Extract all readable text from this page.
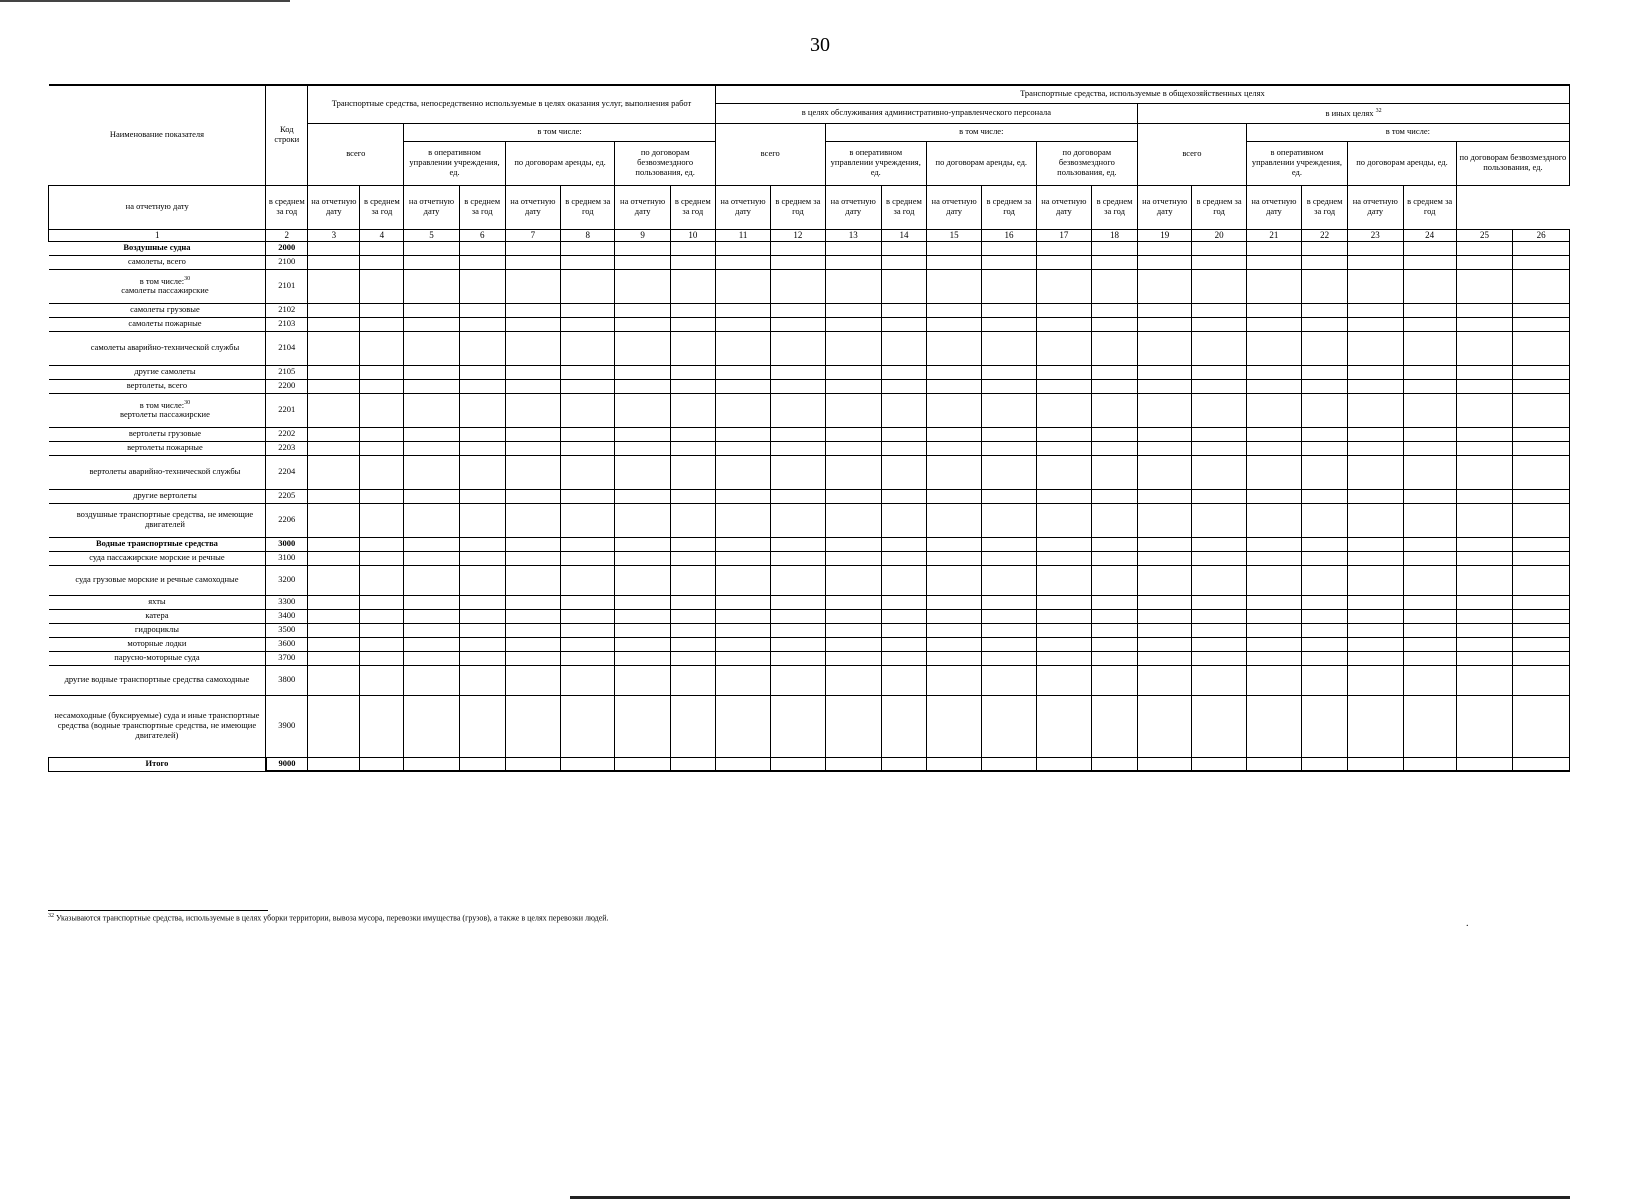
30
Наименование показателя	Код строки	Транспортные средства, непосредственно используемые в целях оказания услуг, выполнения работ								Транспортные средства, используемые в общехозяйственных целях															
										в целях обслуживания административно-управленческого персонала								в иных целях $^{32}$
		всего		в том числе:						всего		в том числе:						всего		в том числе:					
				в оперативном управлении учреждения, ед.		по договорам аренды, ед.		по договорам безвозмездного пользования, ед.				в оперативном управлении учреждения, ед.		по договорам аренды, ед.		по договорам безвозмездного пользования, ед.				в оперативном управлении учреждения, ед.		по договорам аренды, ед.		по договорам безвозмездного пользования, ед.	
на отчетную дату	в среднем за год	на отчетную дату	в среднем за год	на отчетную дату	в среднем за год	на отчетную дату	в среднем за год	на отчетную дату	в среднем за год	на отчетную дату	в среднем за год	на отчетную дату	в среднем за год	на отчетную дату	в среднем за год	на отчетную дату	в среднем за год	на отчетную дату	в среднем за год	на отчетную дату	в среднем за год	на отчетную дату	в среднем за год		
1	2	3	4	5	6	7	8	9	10	11	12	13	14	15	16	17	18	19	20	21	22	23	24	25	26

Воздушные судна	2000																								

самолеты, всего	2100																								

в том числе:$^{30}$
самолеты пассажирские	2101																								

самолеты грузовые	2102																								

самолеты пожарные	2103																								

самолеты аварийно-технической службы	2104																								

другие самолеты	2105																								

вертолеты, всего	2200																								

в том числе:$^{30}$
вертолеты пассажирские	2201																								

вертолеты грузовые	2202																								

вертолеты пожарные	2203																								

вертолеты аварийно-технической службы	2204																								

другие вертолеты	2205																								

воздушные транспортные средства, не имеющие двигателей	2206																								

Водные транспортные средства	3000																								

суда пассажирские морские и речные	3100																								

суда грузовые морские и речные самоходные	3200																								

яхты	3300																								

катера	3400																								

гидроциклы	3500																								

моторные лодки	3600																								

парусно-моторные суда	3700																								

другие водные транспортные средства самоходные	3800																								

несамоходные (буксируемые) суда и иные транспортные средства (водные транспортные средства, не имеющие двигателей)	3900																								
Итого	9000																								
$^{32}$ Указываются транспортные средства, используемые в целях уборки территории, вывоза мусора, перевозки имущества (грузов), а также в целях перевозки людей.	.
